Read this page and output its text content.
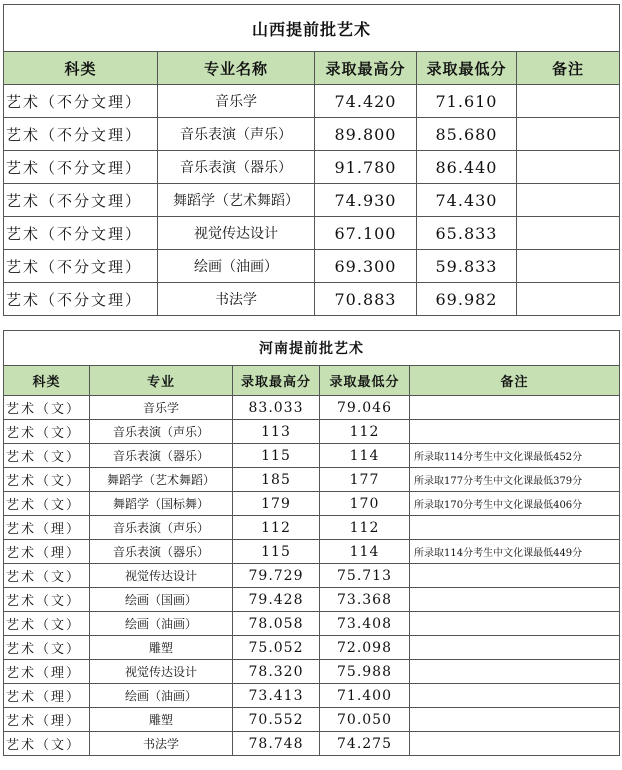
山西提前批艺术				
科类	专业名称	录取最高分	录取最低分	备注
艺术（不分文理）	音乐学	74.420	71.610	
艺术（不分文理）	音乐表演（声乐）	89.800	85.680	
艺术（不分文理）	音乐表演（器乐）	91.780	86.440	
艺术（不分文理）	舞蹈学（艺术舞蹈）	74.930	74.430	
艺术（不分文理）	视觉传达设计	67.100	65.833	
艺术（不分文理）	绘画（油画）	69.300	59.833	
艺术（不分文理）	书法学	70.883	69.982	
河南提前批艺术				
科类	专业	录取最高分	录取最低分	备注
艺术（文）	音乐学	83.033	79.046	
艺术（文）	音乐表演（声乐）	113	112	
艺术（文）	音乐表演（器乐）	115	114	所录取114分考生中文化课最低452分
艺术（文）	舞蹈学（艺术舞蹈）	185	177	所录取177分考生中文化课最低379分
艺术（文）	舞蹈学（国标舞）	179	170	所录取170分考生中文化课最低406分
艺术（理）	音乐表演（声乐）	112	112	
艺术（理）	音乐表演（器乐）	115	114	所录取114分考生中文化课最低449分
艺术（文）	视觉传达设计	79.729	75.713	
艺术（文）	绘画（国画）	79.428	73.368	
艺术（文）	绘画（油画）	78.058	73.408	
艺术（文）	雕塑	75.052	72.098	
艺术（理）	视觉传达设计	78.320	75.988	
艺术（理）	绘画（油画）	73.413	71.400	
艺术（理）	雕塑	70.552	70.050	
艺术（文）	书法学	78.748	74.275	
